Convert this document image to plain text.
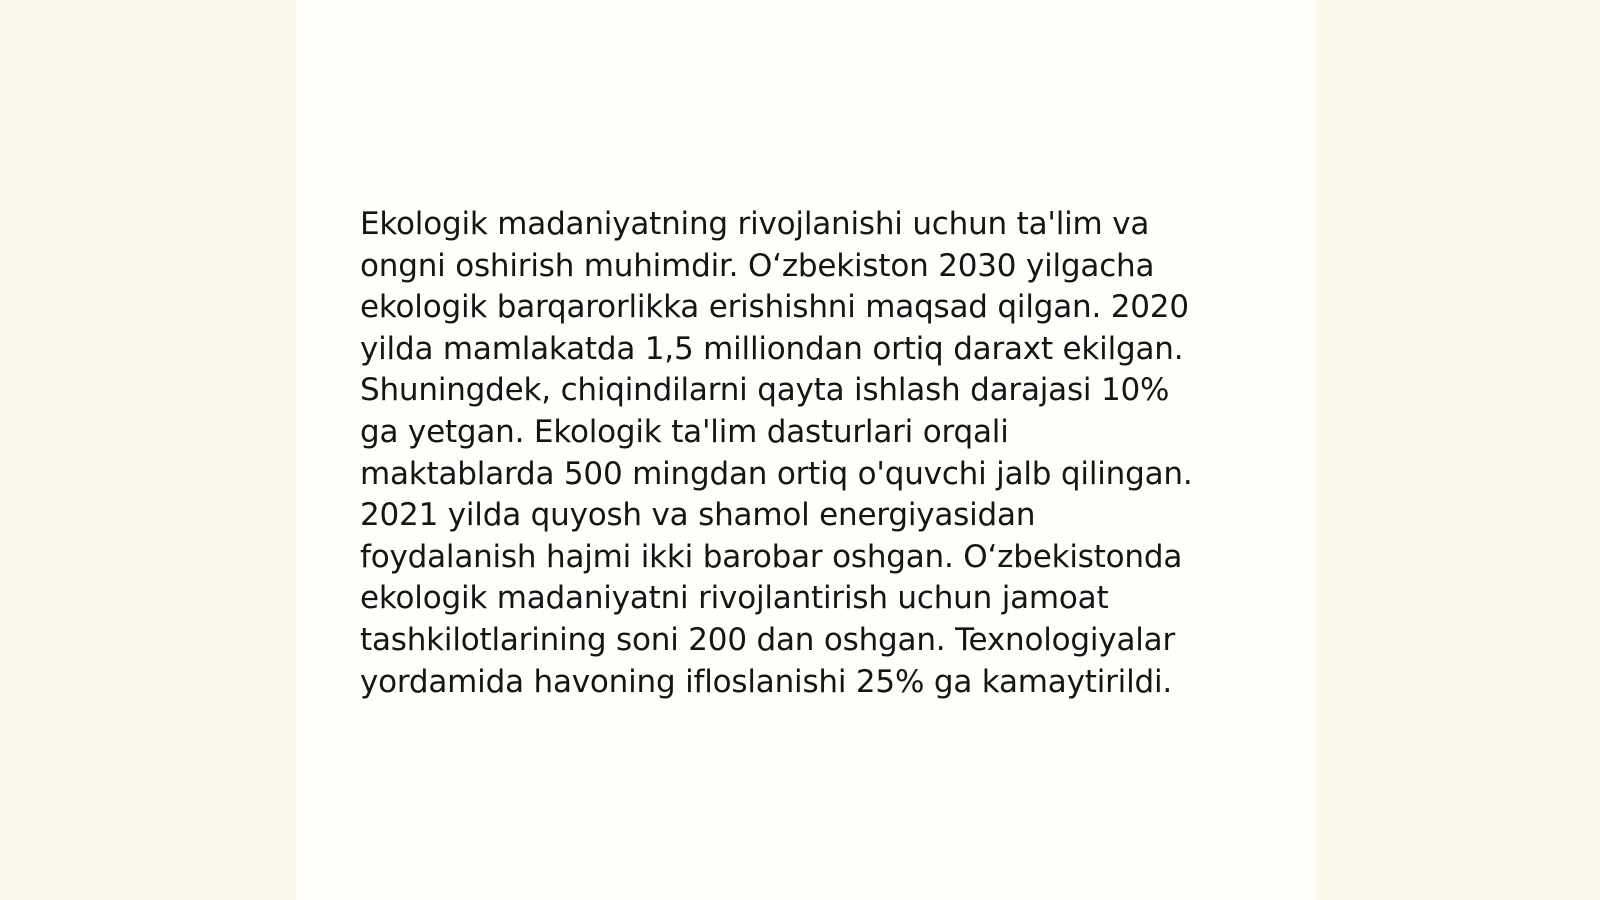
Ekologik madaniyatning rivojlanishi uchun ta'lim va
ongni oshirish muhimdir. Oʻzbekiston 2030 yilgacha
ekologik barqarorlikka erishishni maqsad qilgan. 2020
yilda mamlakatda 1,5 milliondan ortiq daraxt ekilgan.
Shuningdek, chiqindilarni qayta ishlash darajasi 10%
ga yetgan. Ekologik ta'lim dasturlari orqali
maktablarda 500 mingdan ortiq o'quvchi jalb qilingan.
2021 yilda quyosh va shamol energiyasidan
foydalanish hajmi ikki barobar oshgan. Oʻzbekistonda
ekologik madaniyatni rivojlantirish uchun jamoat
tashkilotlarining soni 200 dan oshgan. Texnologiyalar
yordamida havoning ifloslanishi 25% ga kamaytirildi.
